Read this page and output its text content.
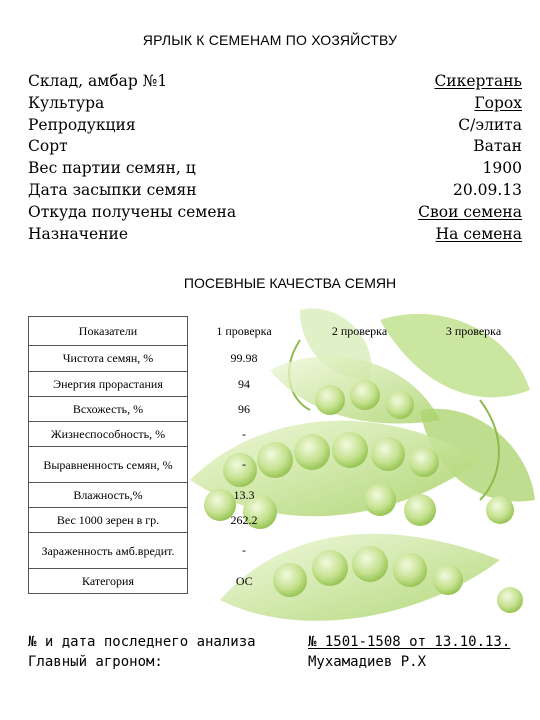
ЯРЛЫК К СЕМЕНАМ ПО ХОЗЯЙСТВУ
Склад, амбар №1	Сикертань
Культура	Горох
Репродукция	С/элита
Сорт	Ватан
Вес партии семян, ц	1900
Дата засыпки семян	20.09.13
Откуда получены семена	Свои семена
Назначение	На семена
ПОСЕВНЫЕ КАЧЕСТВА СЕМЯН
Показатели	1 проверка	2 проверка	3 проверка
Чистота семян, %	99.98		
Энергия прорастания	94		
Всхожесть, %	96		
Жизнеспособность, %	-		
Выравненность семян, %	-		
Влажность,%	13.3		
Вес 1000 зерен в гр.	262.2		
Зараженность амб.вредит.	-		
Категория	ОС		
№ и дата последнего анализа	№ 1501-1508 от 13.10.13.
Главный агроном:	Мухамадиев Р.Х
